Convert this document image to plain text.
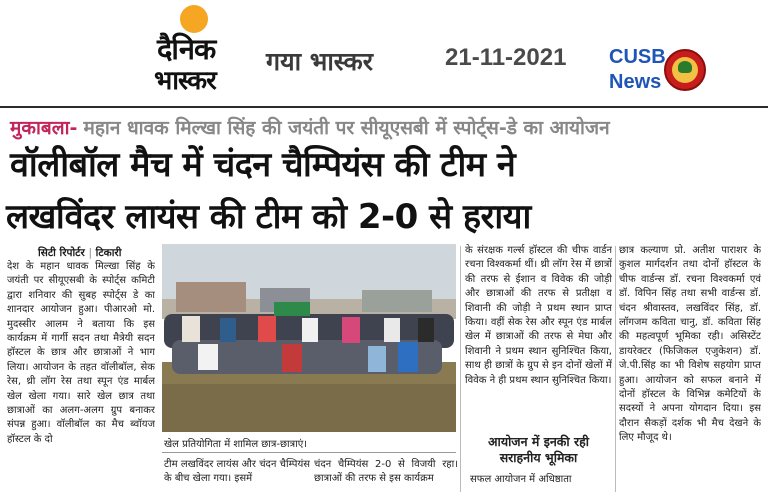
दैनिक
भास्कर
गया भास्कर	21-11-2021 CUSB
News
मुकाबला- महान धावक मिल्खा सिंह की जयंती पर सीयूएसबी में स्पोर्ट्स-डे का आयोजन
वॉलीबॉल मैच में चंदन चैम्पियंस की टीम ने
लखविंदर लायंस की टीम को 2-0 से हराया
सिटी रिपोर्टर | टिकारी
देश के महान धावक मिल्खा सिंह के जयंती पर सीयूएसबी के स्पोर्ट्स कमिटी द्वारा शनिवार की सुबह स्पोर्ट्स डे का शानदार आयोजन हुआ। पीआरओ मो. मुदस्सीर आलम ने बताया कि इस कार्यक्रम में गार्गी सदन तथा मैत्रेयी सदन हॉस्टल के छात्र और छात्राओं ने भाग लिया। आयोजन के तहत वॉलीबॉल, सेक रेस, थ्री लॉग रेस तथा स्पून एंड मार्बल खेल खेला गया। सारे खेल छात्र तथा छात्राओं का अलग-अलग ग्रुप बनाकर संपन्न हुआ। वॉलीबॉल का मैच ब्वॉयज हॉस्टल के दो	खेल प्रतियोगिता में शामिल छात्र-छात्राएं।
टीम लखविंदर लायंस और चंदन चैम्पियंस के बीच खेला गया। इसमें
चंदन चैम्पियंस 2-0 से विजयी रहा। छात्राओं की तरफ से इस कार्यक्रम
के संरक्षक गर्ल्स हॉस्टल की चीफ वार्डन रचना विश्वकर्मा थीं। थ्री लॉग रेस में छात्रों की तरफ से ईशान व विवेक की जोड़ी और छात्राओं की तरफ से प्रतीक्षा व शिवानी की जोड़ी ने प्रथम स्थान प्राप्त किया। वहीं सेक रेस और स्पून एंड मार्बल खेल में छात्राओं की तरफ से मेघा और शिवानी ने प्रथम स्थान सुनिश्चित किया, साथ ही छात्रों के ग्रुप से इन दोनों खेलों में विवेक ने ही प्रथम स्थान सुनिश्चित किया।
आयोजन में इनकी रही
सराहनीय भूमिका
सफल आयोजन में अधिष्ठाता
छात्र कल्याण प्रो. अतीश पाराशर के कुशल मार्गदर्शन तथा दोनों हॉस्टल के चीफ वार्डन्स डॉ. रचना विश्वकर्मा एवं डॉ. विपिन सिंह तथा सभी वार्डन्स डॉ. चंदन श्रीवास्तव, लखविंदर सिंह, डॉ. लॉगजम कविता चानु, डॉ. कविता सिंह की महत्वपूर्ण भूमिका रही। असिस्टेंट डायरेक्टर (फिजिकल एजुकेशन) डॉ. जे.पी.सिंह का भी विशेष सहयोग प्राप्त हुआ। आयोजन को सफल बनाने में दोनों हॉस्टल के विभिन्न कमेटियों के सदस्यों ने अपना योगदान दिया। इस दौरान सैकड़ों दर्शक भी मैच देखने के लिए मौजूद थे।
